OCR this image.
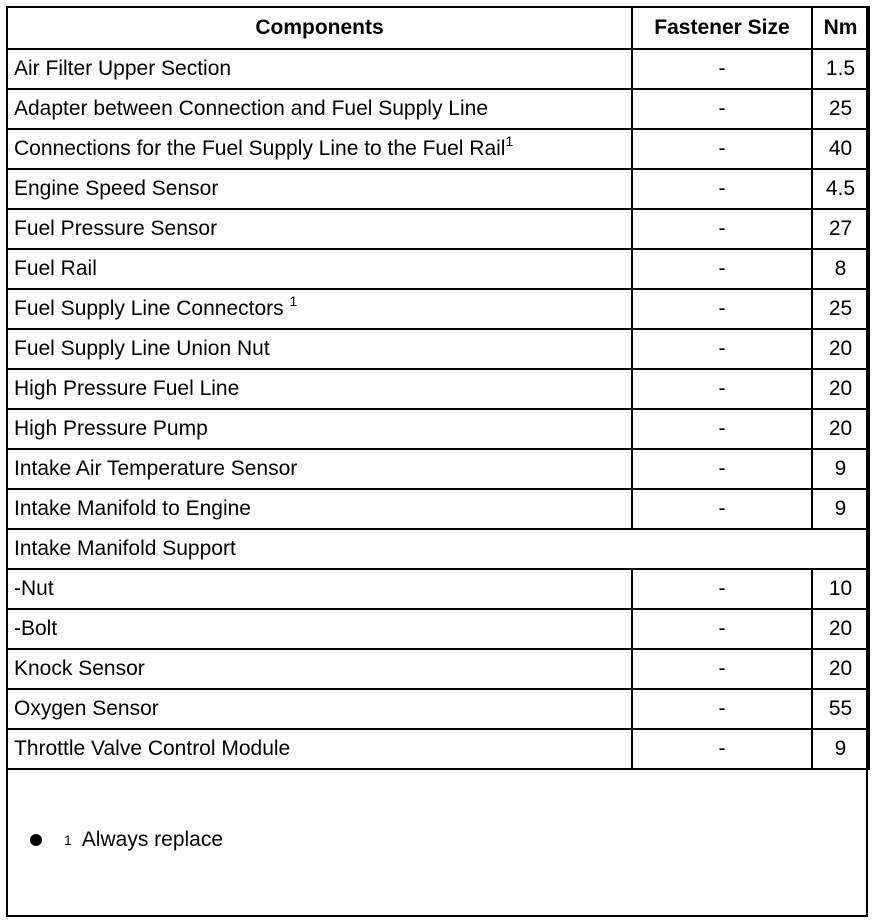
Components	Fastener Size	Nm
Air Filter Upper Section	-	1.5
Adapter between Connection and Fuel Supply Line	-	25
Connections for the Fuel Supply Line to the Fuel Rail$^1$	-	40
Engine Speed Sensor	-	4.5
Fuel Pressure Sensor	-	27
Fuel Rail	-	8
Fuel Supply Line Connectors $^1$	-	25
Fuel Supply Line Union Nut	-	20
High Pressure Fuel Line	-	20
High Pressure Pump	-	20
Intake Air Temperature Sensor	-	9
Intake Manifold to Engine	-	9
Intake Manifold Support		
-Nut	-	10
-Bolt	-	20
Knock Sensor	-	20
Oxygen Sensor	-	55
Throttle Valve Control Module	-	9
1 Always replace
